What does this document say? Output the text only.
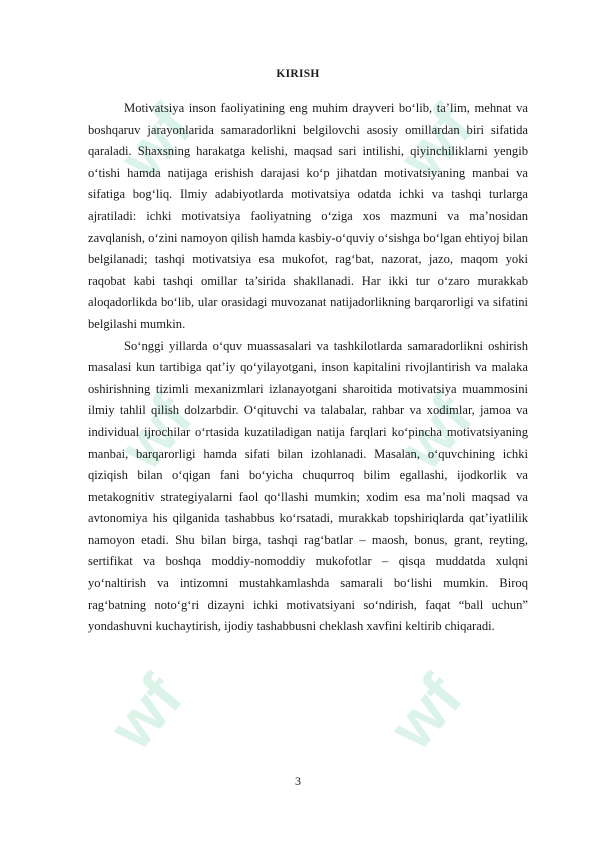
wf	wf
wf	wf
wf	wf
KIRISH

Motivatsiya inson faoliyatining eng muhim drayveri bo‘lib, ta’lim, mehnat va boshqaruv jarayonlarida samaradorlikni belgilovchi asosiy omillardan biri sifatida qaraladi. Shaxsning harakatga kelishi, maqsad sari intilishi, qiyinchiliklarni yengib o‘tishi hamda natijaga erishish darajasi ko‘p jihatdan motivatsiyaning manbai va sifatiga bog‘liq. Ilmiy adabiyotlarda motivatsiya odatda ichki va tashqi turlarga ajratiladi: ichki motivatsiya faoliyatning o‘ziga xos mazmuni va ma’nosidan zavqlanish, o‘zini namoyon qilish hamda kasbiy-o‘quviy o‘sishga bo‘lgan ehtiyoj bilan belgilanadi; tashqi motivatsiya esa mukofot, rag‘bat, nazorat, jazo, maqom yoki raqobat kabi tashqi omillar ta’sirida shakllanadi. Har ikki tur o‘zaro murakkab aloqadorlikda bo‘lib, ular orasidagi muvozanat natijadorlikning barqarorligi va sifatini belgilashi mumkin.

So‘nggi yillarda o‘quv muassasalari va tashkilotlarda samaradorlikni oshirish masalasi kun tartibiga qat’iy qo‘yilayotgani, inson kapitalini rivojlantirish va malaka oshirishning tizimli mexanizmlari izlanayotgani sharoitida motivatsiya muammosini ilmiy tahlil qilish dolzarbdir. O‘qituvchi va talabalar, rahbar va xodimlar, jamoa va individual ijrochilar o‘rtasida kuzatiladigan natija farqlari ko‘pincha motivatsiyaning manbai, barqarorligi hamda sifati bilan izohlanadi. Masalan, o‘quvchining ichki qiziqish bilan o‘qigan fani bo‘yicha chuqurroq bilim egallashi, ijodkorlik va metakognitiv strategiyalarni faol qo‘llashi mumkin; xodim esa ma’noli maqsad va avtonomiya his qilganida tashabbus ko‘rsatadi, murakkab topshiriqlarda qat’iyatlilik namoyon etadi. Shu bilan birga, tashqi rag‘batlar – maosh, bonus, grant, reyting, sertifikat va boshqa moddiy-nomoddiy mukofotlar – qisqa muddatda xulqni yo‘naltirish va intizomni mustahkamlashda samarali bo‘lishi mumkin. Biroq rag‘batning noto‘g‘ri dizayni ichki motivatsiyani so‘ndirish, faqat “ball uchun” yondashuvni kuchaytirish, ijodiy tashabbusni cheklash xavfini keltirib chiqaradi.

3
